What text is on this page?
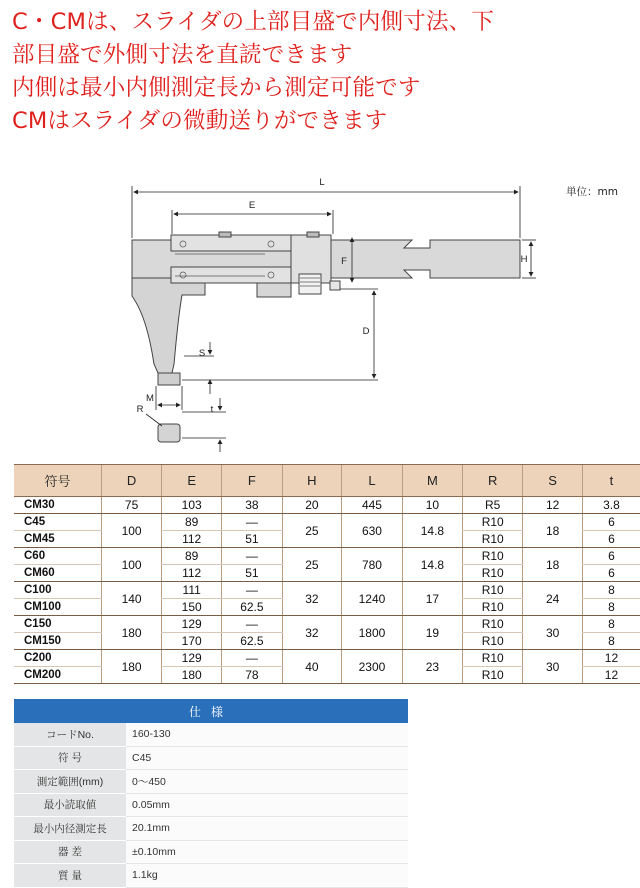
C・CMは、スライダの上部目盛で内側寸法、下
部目盛で外側寸法を直読できます
内側は最小内側測定長から測定可能です
CMはスライダの微動送りができます
単位：mm
L
E
H
F
D
S
M
R	t
符号	D	E	F	H	L	M	R	S	t
CM30	75	103	38	20	445	10	R5	12	3.8
C45	100	89	—	25	630	14.8	R10	18	6
CM45		112	51				R10		6
C60	100	89	—	25	780	14.8	R10	18	6
CM60		112	51				R10		6
C100	140	111	—	32	1240	17	R10	24	8
CM100		150	62.5				R10		8
C150	180	129	—	32	1800	19	R10	30	8
CM150		170	62.5				R10		8
C200	180	129	—	40	2300	23	R10	30	12
CM200		180	78				R10		12
仕様	
コードNo.	160-130
符 号	C45
測定範囲(mm)	0～450
最小読取値	0.05mm
最小内径測定長	20.1mm
器 差	±0.10mm
質 量	1.1kg
